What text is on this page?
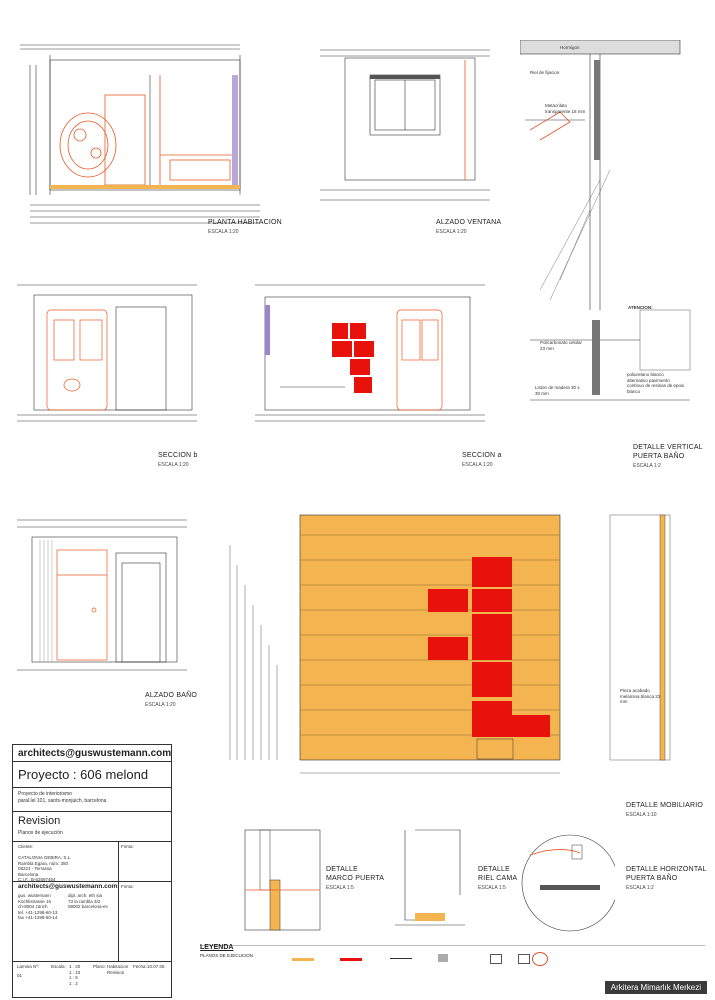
Hormigon
Riel de fijacion
Metacrilato transparente 18 mm
ATENCION:
Policarbonato celular 23 mm
poliuretano blanco alternativo pavimento continuo de resinas de epoxi blanco
Liston de madera 30 x 30 mm
Pieza acabado melamina blanca 23 mm
PLANTA HABITACION
ESCALA 1:20
ALZADO VENTANA
ESCALA 1:20
DETALLE VERTICAL
PUERTA BAÑO
ESCALA 1:2
SECCION b
ESCALA 1:20
SECCION a
ESCALA 1:20
ALZADO BAÑO
ESCALA 1:20
DETALLE MOBILIARIO
ESCALA 1:10
DETALLE
MARCO PUERTA
ESCALA 1:5
DETALLE
RIEL CAMA
ESCALA 1:5
DETALLE HORIZONTAL
PUERTA BAÑO
ESCALA 1:2
LEYENDA
PLANOS DE EJECUCION
architects@guswustemann.com
Proyecto : 606 melond
Proyecto de interiorismo
paral.lel 101, sants-monjuich, barcelona
Revision
Planos de ejecución
Cliente:	Firma:
CATALONIA GEBIRA, S.L.
Rambla Egara, núm. 350
08221 - Terrassa
Barcelona
C.I.F.: B-62697454
architects@guswustemann.com Firma:
gus. wüstemann
Köchlistrasse 15
ch-8004 zürich
tel. +41-1298-60-13
fax +41-1298-60-14
dipl. arch. eth sia
73 la rambla 3/2
08002 barcelona-es
Lamina Nº:
01
Escala: 1 : 20
1 : 10
1 : 5
1 : 2
Plano: Habitacion Revision
Fecha: 10.07.06
Arkitera Mimarlık Merkezi
